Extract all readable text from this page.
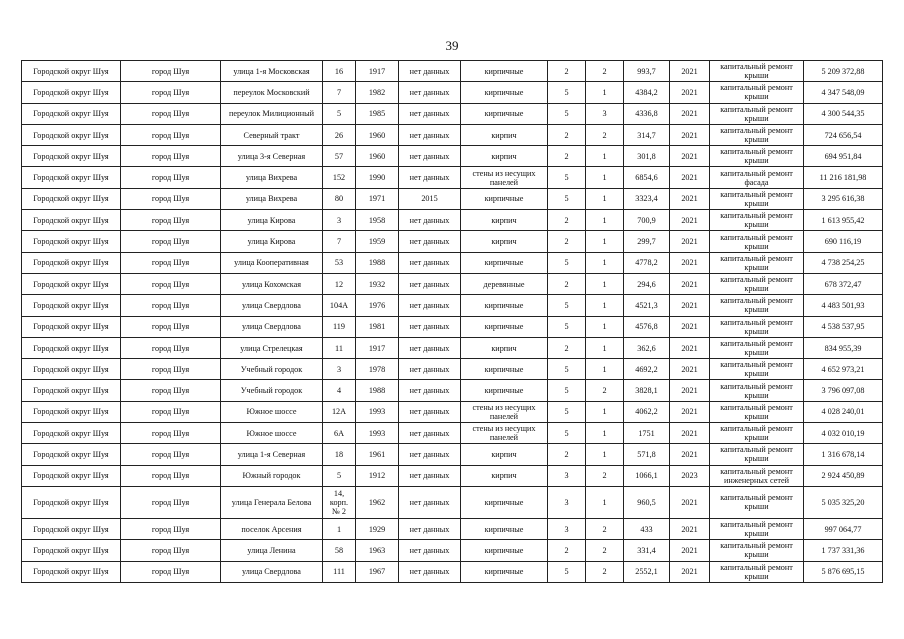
39
Городской округ Шуя	город Шуя	улица 1-я Московская	16	1917	нет данных	кирпичные	2	2	993,7	2021	капитальный ремонт крыши	5 209 372,88
Городской округ Шуя	город Шуя	переулок Московский	7	1982	нет данных	кирпичные	5	1	4384,2	2021	капитальный ремонт крыши	4 347 548,09
Городской округ Шуя	город Шуя	переулок Милиционный	5	1985	нет данных	кирпичные	5	3	4336,8	2021	капитальный ремонт крыши	4 300 544,35
Городской округ Шуя	город Шуя	Северный тракт	26	1960	нет данных	кирпич	2	2	314,7	2021	капитальный ремонт крыши	724 656,54
Городской округ Шуя	город Шуя	улица 3-я Северная	57	1960	нет данных	кирпич	2	1	301,8	2021	капитальный ремонт крыши	694 951,84
Городской округ Шуя	город Шуя	улица Вихрева	152	1990	нет данных	стены из несущих панелей	5	1	6854,6	2021	капитальный ремонт фасада	11 216 181,98
Городской округ Шуя	город Шуя	улица Вихрева	80	1971	2015	кирпичные	5	1	3323,4	2021	капитальный ремонт крыши	3 295 616,38
Городской округ Шуя	город Шуя	улица Кирова	3	1958	нет данных	кирпич	2	1	700,9	2021	капитальный ремонт крыши	1 613 955,42
Городской округ Шуя	город Шуя	улица Кирова	7	1959	нет данных	кирпич	2	1	299,7	2021	капитальный ремонт крыши	690 116,19
Городской округ Шуя	город Шуя	улица Кооперативная	53	1988	нет данных	кирпичные	5	1	4778,2	2021	капитальный ремонт крыши	4 738 254,25
Городской округ Шуя	город Шуя	улица Кохомская	12	1932	нет данных	деревянные	2	1	294,6	2021	капитальный ремонт крыши	678 372,47
Городской округ Шуя	город Шуя	улица Свердлова	104А	1976	нет данных	кирпичные	5	1	4521,3	2021	капитальный ремонт крыши	4 483 501,93
Городской округ Шуя	город Шуя	улица Свердлова	119	1981	нет данных	кирпичные	5	1	4576,8	2021	капитальный ремонт крыши	4 538 537,95
Городской округ Шуя	город Шуя	улица Стрелецкая	11	1917	нет данных	кирпич	2	1	362,6	2021	капитальный ремонт крыши	834 955,39
Городской округ Шуя	город Шуя	Учебный городок	3	1978	нет данных	кирпичные	5	1	4692,2	2021	капитальный ремонт крыши	4 652 973,21
Городской округ Шуя	город Шуя	Учебный городок	4	1988	нет данных	кирпичные	5	2	3828,1	2021	капитальный ремонт крыши	3 796 097,08
Городской округ Шуя	город Шуя	Южное шоссе	12А	1993	нет данных	стены из несущих панелей	5	1	4062,2	2021	капитальный ремонт крыши	4 028 240,01
Городской округ Шуя	город Шуя	Южное шоссе	6А	1993	нет данных	стены из несущих панелей	5	1	1751	2021	капитальный ремонт крыши	4 032 010,19
Городской округ Шуя	город Шуя	улица 1-я Северная	18	1961	нет данных	кирпич	2	1	571,8	2021	капитальный ремонт крыши	1 316 678,14
Городской округ Шуя	город Шуя	Южный городок	5	1912	нет данных	кирпич	3	2	1066,1	2023	капитальный ремонт инженерных сетей	2 924 450,89
Городской округ Шуя	город Шуя	улица Генерала Белова	14, корп. № 2	1962	нет данных	кирпичные	3	1	960,5	2021	капитальный ремонт крыши	5 035 325,20
Городской округ Шуя	город Шуя	поселок Арсения	1	1929	нет данных	кирпичные	3	2	433	2021	капитальный ремонт крыши	997 064,77
Городской округ Шуя	город Шуя	улица Ленина	58	1963	нет данных	кирпичные	2	2	331,4	2021	капитальный ремонт крыши	1 737 331,36
Городской округ Шуя	город Шуя	улица Свердлова	111	1967	нет данных	кирпичные	5	2	2552,1	2021	капитальный ремонт крыши	5 876 695,15
